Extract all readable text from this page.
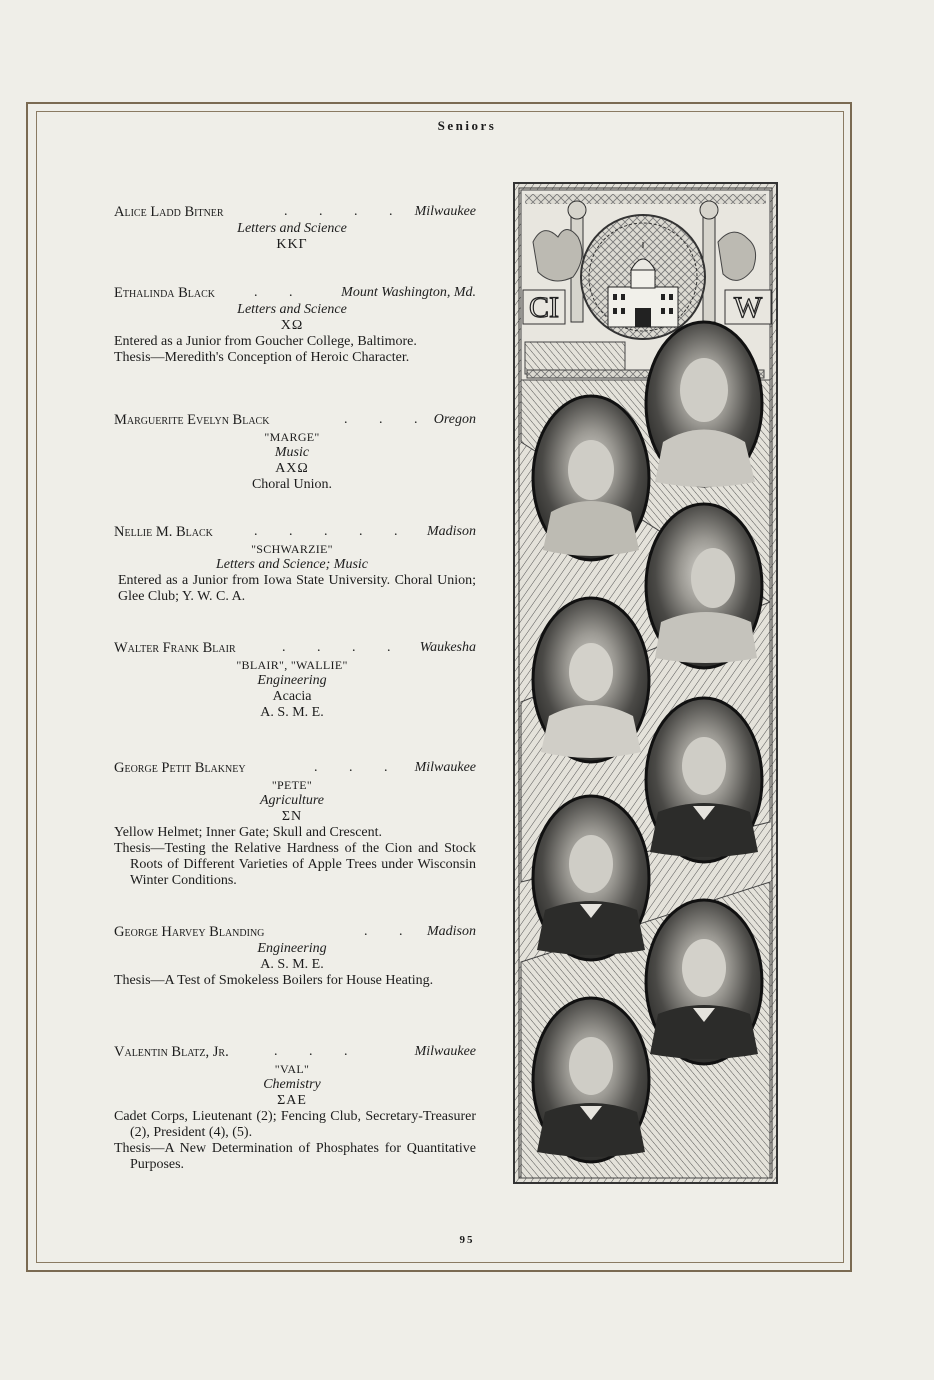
Seniors
Alice Ladd Bitner	. . . . Milwaukee
Letters and Science
ΚΚΓ
Ethalinda Black	. . Mount Washington, Md.
Letters and Science
ΧΩ
Entered as a Junior from Goucher College, Baltimore.
Thesis—Meredith's Conception of Heroic Character.
Marguerite Evelyn Black	. . . Oregon
"MARGE"
Music
ΑΧΩ
Choral Union.
Nellie M. Black	. . . . . Madison
"SCHWARZIE"
Letters and Science; Music
Entered as a Junior from Iowa State University. Choral Union; Glee Club; Y. W. C. A.
Walter Frank Blair	. . . . Waukesha
"BLAIR", "WALLIE"
Engineering
Acacia
A. S. M. E.
George Petit Blakney	. . . Milwaukee
"PETE"
Agriculture
ΣΝ
Yellow Helmet; Inner Gate; Skull and Crescent.
Thesis—Testing the Relative Hardness of the Cion and Stock Roots of Different Varieties of Apple Trees under Wisconsin Winter Conditions.
George Harvey Blanding	. . Madison
Engineering
A. S. M. E.
Thesis—A Test of Smokeless Boilers for House Heating.
Valentin Blatz, Jr.	. . .	Milwaukee
"VAL"
Chemistry
ΣΑΕ
Cadet Corps, Lieutenant (2); Fencing Club, Secretary-Treasurer (2), President (4), (5).
Thesis—A New Determination of Phosphates for Quantitative Purposes.
CI	W
95
